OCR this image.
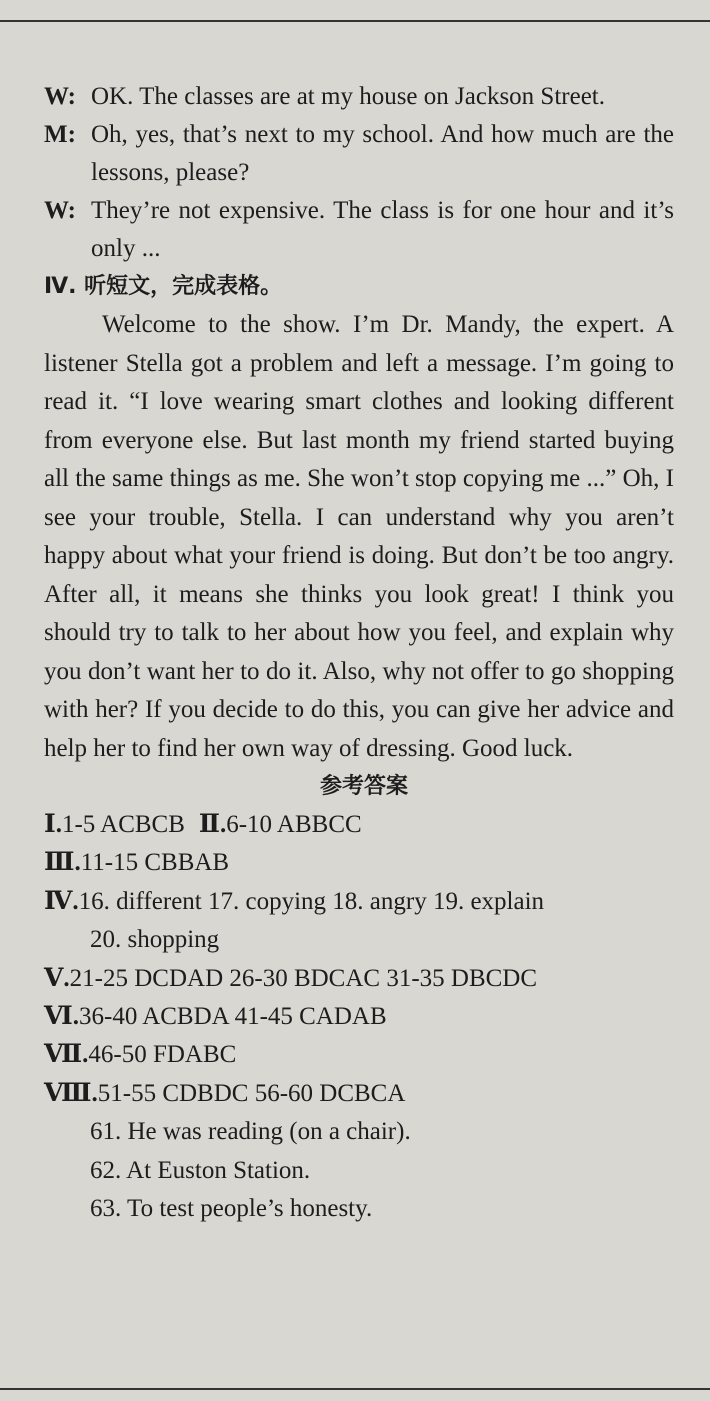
W: OK. The classes are at my house on Jackson Street.
M: Oh, yes, that’s next to my school. And how much are the lessons, please?
W: They’re not expensive. The class is for one hour and it’s only ...
Ⅳ. 听短文，完成表格。

Welcome to the show. I’m Dr. Mandy, the expert. A listener Stella got a problem and left a message. I’m going to read it. “I love wearing smart clothes and looking different from everyone else. But last month my friend started buying all the same things as me. She won’t stop copying me ...” Oh, I see your trouble, Stella. I can understand why you aren’t happy about what your friend is doing. But don’t be too angry. After all, it means she thinks you look great! I think you should try to talk to her about how you feel, and explain why you don’t want her to do it. Also, why not offer to go shopping with her? If you decide to do this, you can give her advice and help her to find her own way of dressing. Good luck.

参考答案
Ⅰ.1-5 ACBCB Ⅱ.6-10 ABBCC
Ⅲ.11-15 CBBAB
Ⅳ.16. different 17. copying 18. angry 19. explain
20. shopping
Ⅴ.21-25 DCDAD 26-30 BDCAC 31-35 DBCDC
Ⅵ.36-40 ACBDA 41-45 CADAB
Ⅶ.46-50 FDABC
Ⅷ.51-55 CDBDC 56-60 DCBCA
61. He was reading (on a chair).
62. At Euston Station.
63. To test people’s honesty.
